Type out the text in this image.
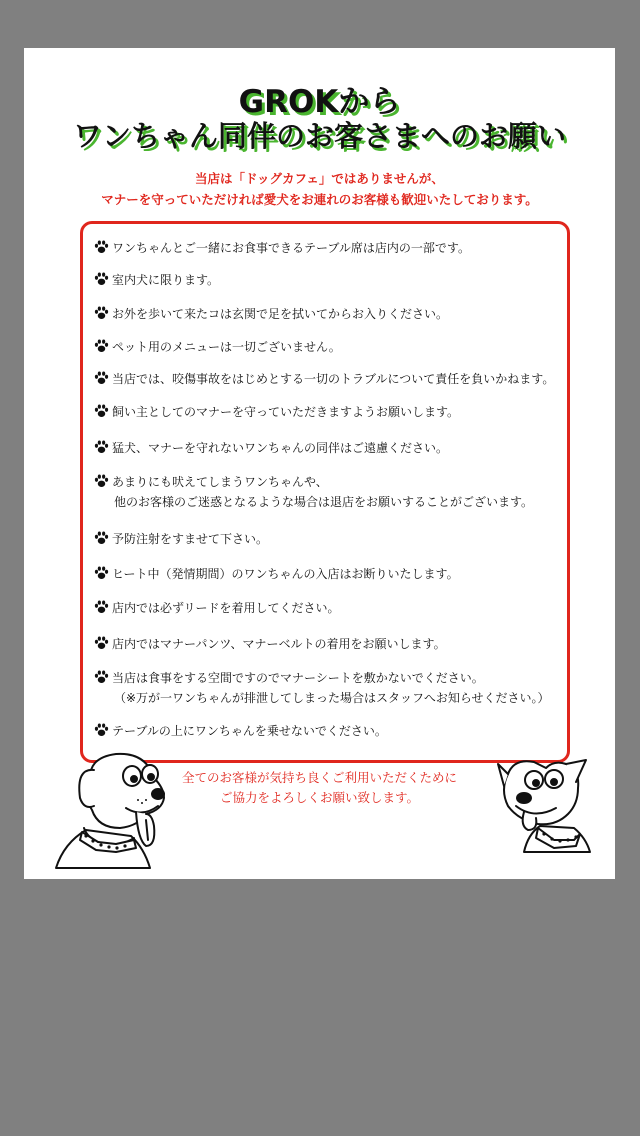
GROKから
ワンちゃん同伴のお客さまへのお願い
当店は「ドッグカフェ」ではありませんが、
マナーを守っていただければ愛犬をお連れのお客様も歓迎いたしております。
ワンちゃんとご一緒にお食事できるテーブル席は店内の一部です。
室内犬に限ります。
お外を歩いて来たコは玄関で足を拭いてからお入りください。
ペット用のメニューは一切ございません。
当店では、咬傷事故をはじめとする一切のトラブルについて責任を負いかねます。
飼い主としてのマナーを守っていただきますようお願いします。
猛犬、マナーを守れないワンちゃんの同伴はご遠慮ください。
あまりにも吠えてしまうワンちゃんや、
他のお客様のご迷惑となるような場合は退店をお願いすることがございます。
予防注射をすませて下さい。
ヒート中（発情期間）のワンちゃんの入店はお断りいたします。
店内では必ずリードを着用してください。
店内ではマナーパンツ、マナーベルトの着用をお願いします。
当店は食事をする空間ですのでマナーシートを敷かないでください。
（※万が一ワンちゃんが排泄してしまった場合はスタッフへお知らせください。）
テーブルの上にワンちゃんを乗せないでください。
全てのお客様が気持ち良くご利用いただくために
ご協力をよろしくお願い致します。
